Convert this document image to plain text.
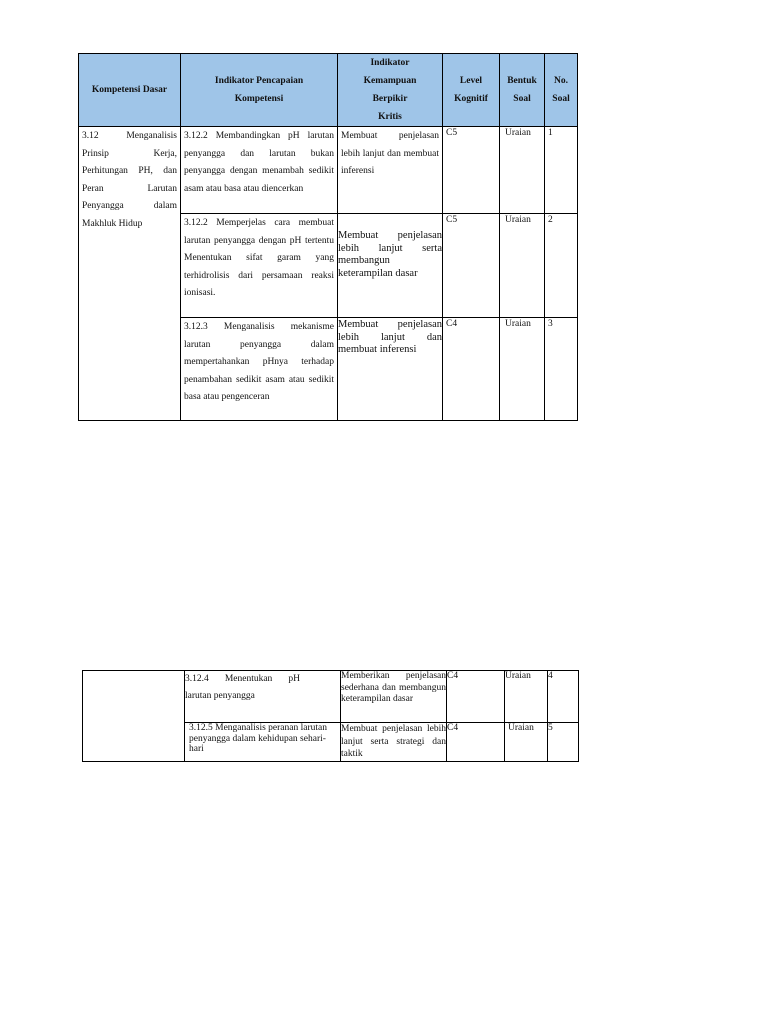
Kompetensi Dasar	Indikator Pencapaian Kompetensi	Indikator Kemampuan Berpikir Kritis	Level Kognitif	Bentuk Soal	No. Soal

3.12 Menganalisis Prinsip Kerja, Perhitungan PH, dan Peran Larutan Penyangga dalam Makhluk Hidup	3.12.2 Membandingkan pH larutan penyangga dan larutan bukan penyangga dengan menambah sedikit asam atau basa atau diencerkan	Membuat penjelasan lebih lanjut dan membuat inferensi	C5	Uraian	1
	3.12.2 Memperjelas cara membuat larutan penyangga dengan pH tertentu Menentukan sifat garam yang terhidrolisis dari persamaan reaksi ionisasi.	Membuat penjelasan lebih lanjut serta membangun keterampilan dasar	C5	Uraian	2
	3.12.3 Menganalisis mekanisme larutan penyangga dalam mempertahankan pHnya terhadap penambahan sedikit asam atau sedikit basa atau pengenceran	Membuat penjelasan lebih lanjut dan membuat inferensi	C4	Uraian	3
	3.12.4 Menentukan pH larutan penyangga	Memberikan penjelasan sederhana dan membangun keterampilan dasar	C4	Uraian	4
	3.12.5 Menganalisis peranan larutan penyangga dalam kehidupan sehari-hari	Membuat penjelasan lebih lanjut serta strategi dan taktik	C4	Uraian	5
